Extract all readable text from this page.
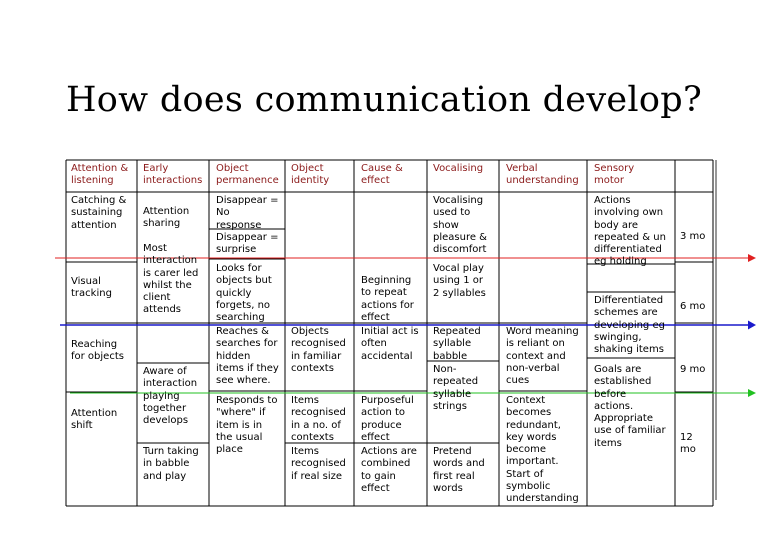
How does communication develop?
Attention &
listening
Early
interactions
Object
permanence
Object
identity
Cause &
effect
Vocalising	Verbal
understanding
Sensory
motor
Catching &
sustaining
attention
Visual
tracking
Reaching
for objects
Attention
shift
Attention
sharing
Most
interaction
is carer led
whilst the
client
attends
Aware of
interaction
playing
together
develops
Turn taking
in babble
and play
Disappear =
No
response
Disappear =
surprise
Looks for
objects but
quickly
forgets, no
searching
Reaches &
searches for
hidden
items if they
see where.
Responds to
"where" if
item is in
the usual
place
Objects
recognised
in familiar
contexts
Items
recognised
in a no. of
contexts
Items
recognised
if real size
Beginning
to repeat
actions for
effect
Initial act is
often
accidental
Purposeful
action to
produce
effect
Actions are
combined
to gain
effect
Vocalising
used to
show
pleasure &
discomfort
Vocal play
using 1 or
2 syllables
Repeated
syllable
babble
Non-
repeated
syllable
strings
Pretend
words and
first real
words
Word meaning
is reliant on
context and
non-verbal
cues
Context
becomes
redundant,
key words
become
important.
Start of
symbolic
understanding
Actions
involving own
body are
repeated & un
differentiated
eg holding
Differentiated
schemes are
developing eg
swinging,
shaking items
Goals are
established
before
actions.
Appropriate
use of familiar
items
3 mo
6 mo
9 mo
12
mo
